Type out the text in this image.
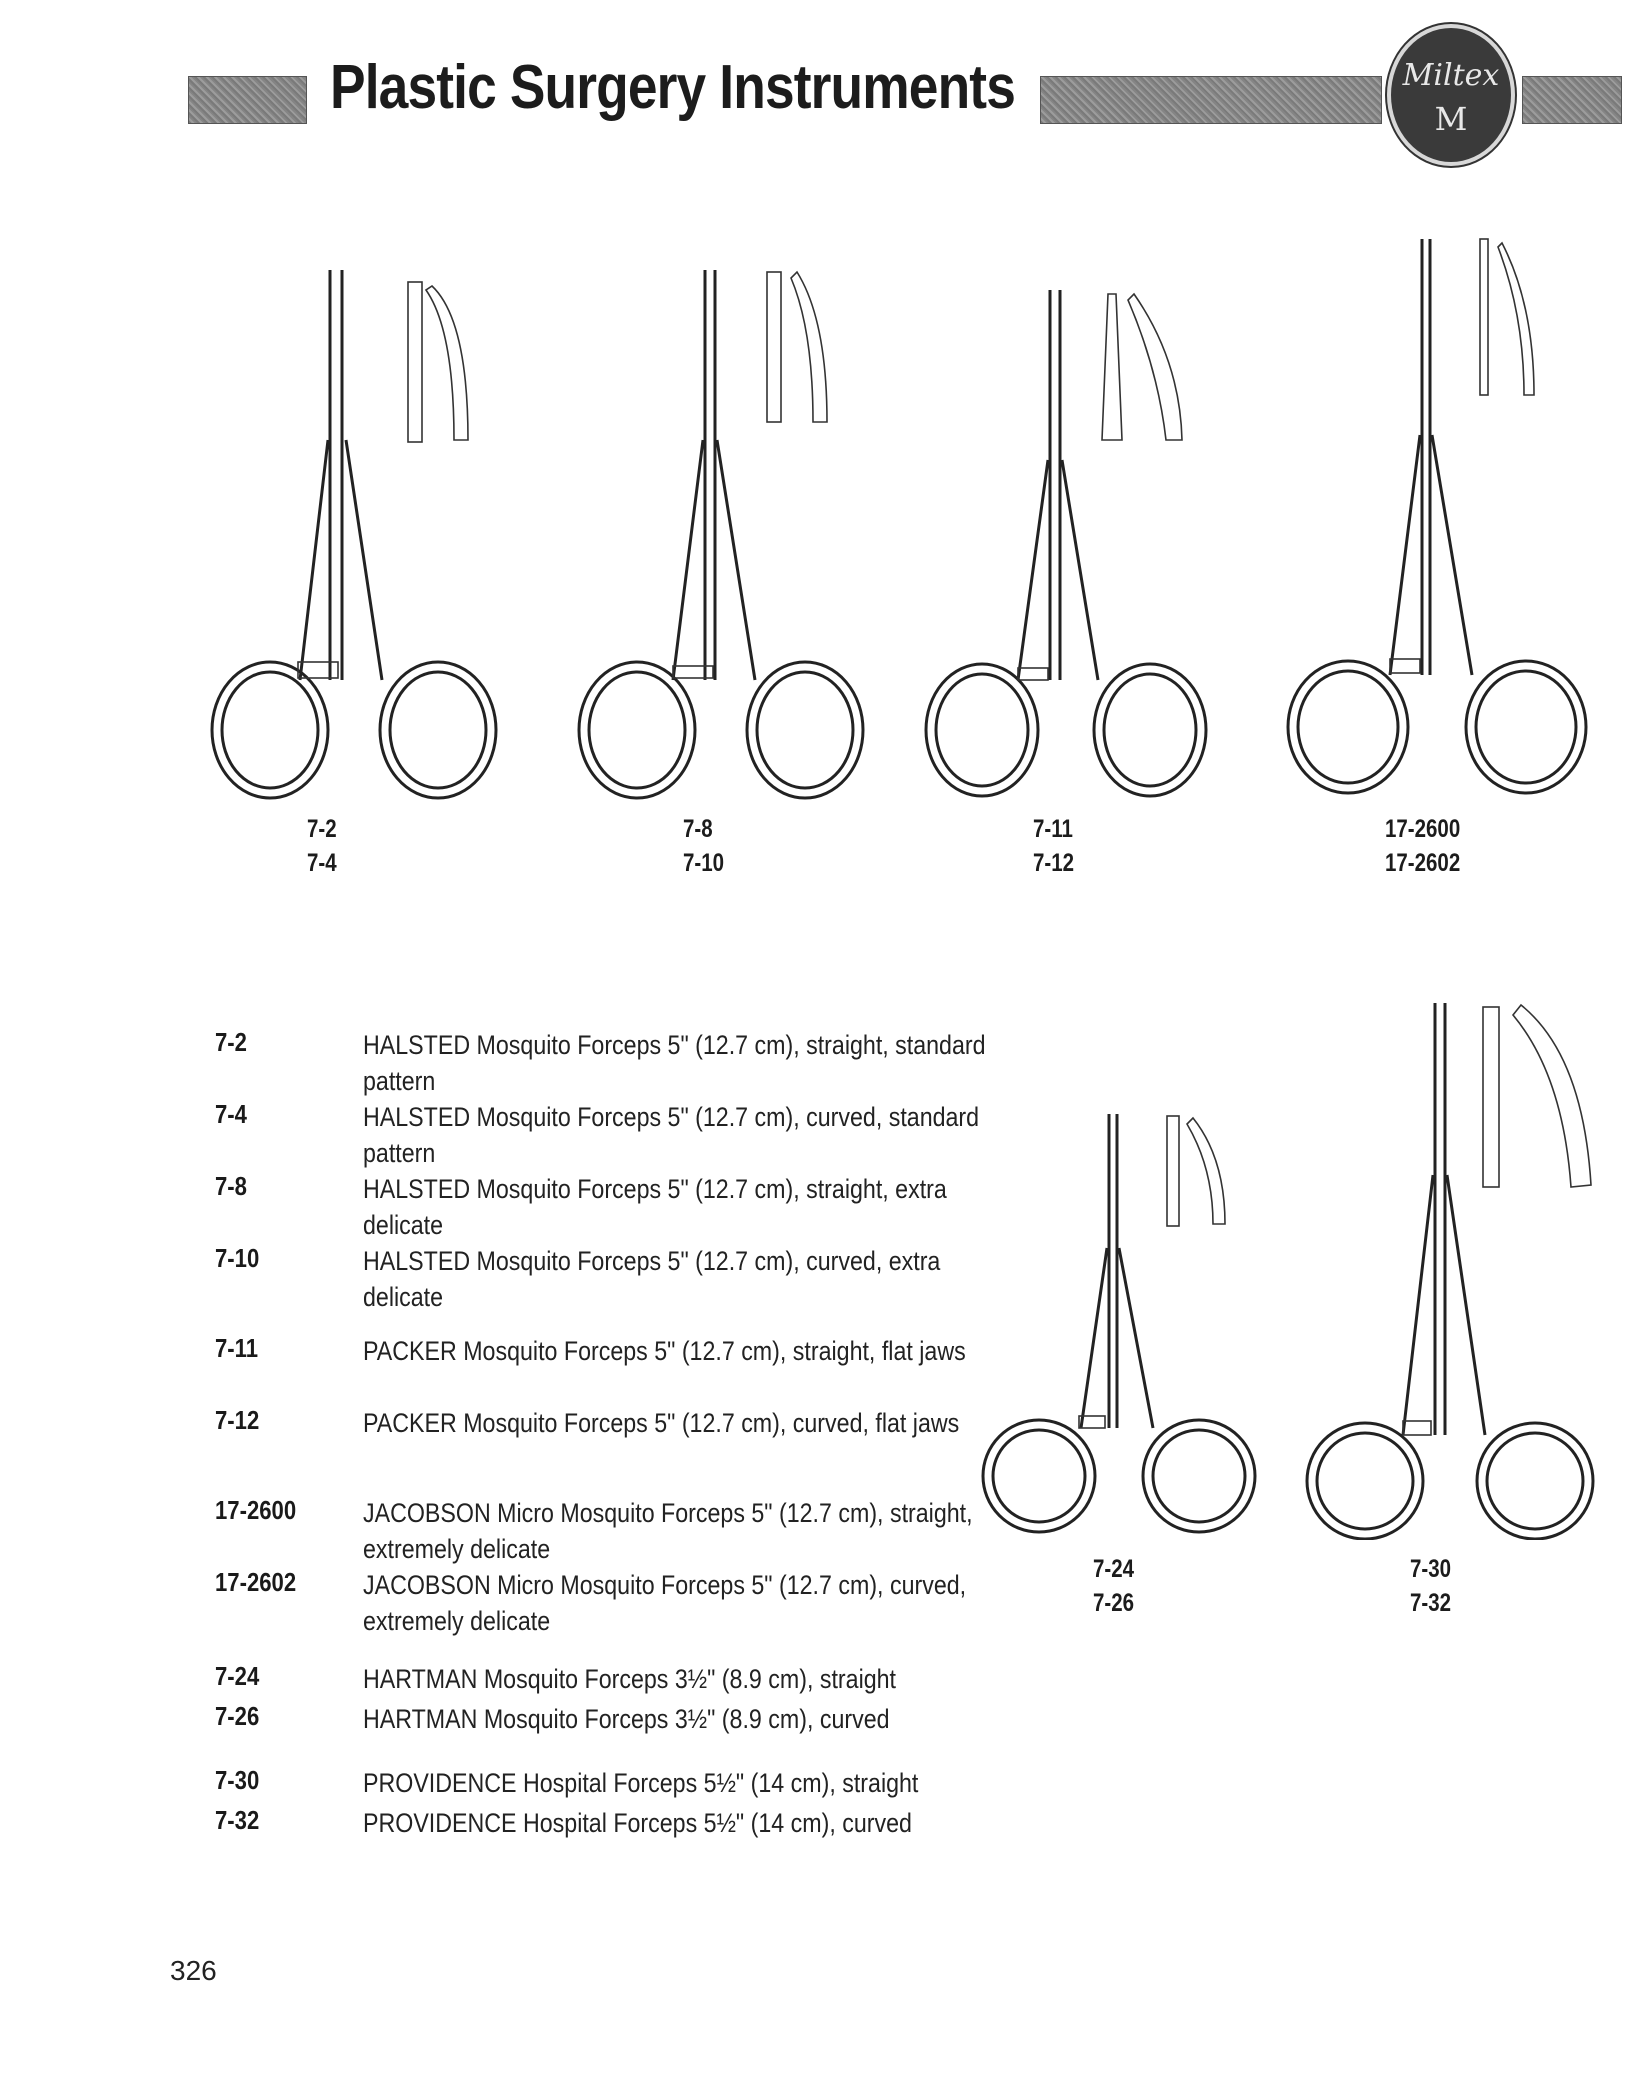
Plastic Surgery Instruments	Miltex
M
7-2
7-4
7-8
7-10
7-11
7-12
17-2600
17-2602
7-24
7-26
7-30
7-32
7-2	HALSTED Mosquito Forceps 5" (12.7 cm), straight, standard pattern
7-4	HALSTED Mosquito Forceps 5" (12.7 cm), curved, standard pattern
7-8	HALSTED Mosquito Forceps 5" (12.7 cm), straight, extra delicate
7-10	HALSTED Mosquito Forceps 5" (12.7 cm), curved, extra delicate
7-11	PACKER Mosquito Forceps 5" (12.7 cm), straight, flat jaws
7-12	PACKER Mosquito Forceps 5" (12.7 cm), curved, flat jaws
17-2600 JACOBSON Micro Mosquito Forceps 5" (12.7 cm), straight, extremely delicate
17-2602 JACOBSON Micro Mosquito Forceps 5" (12.7 cm), curved, extremely delicate
7-24	HARTMAN Mosquito Forceps 3½" (8.9 cm), straight
7-26	HARTMAN Mosquito Forceps 3½" (8.9 cm), curved
7-30	PROVIDENCE Hospital Forceps 5½" (14 cm), straight
7-32	PROVIDENCE Hospital Forceps 5½" (14 cm), curved
326
